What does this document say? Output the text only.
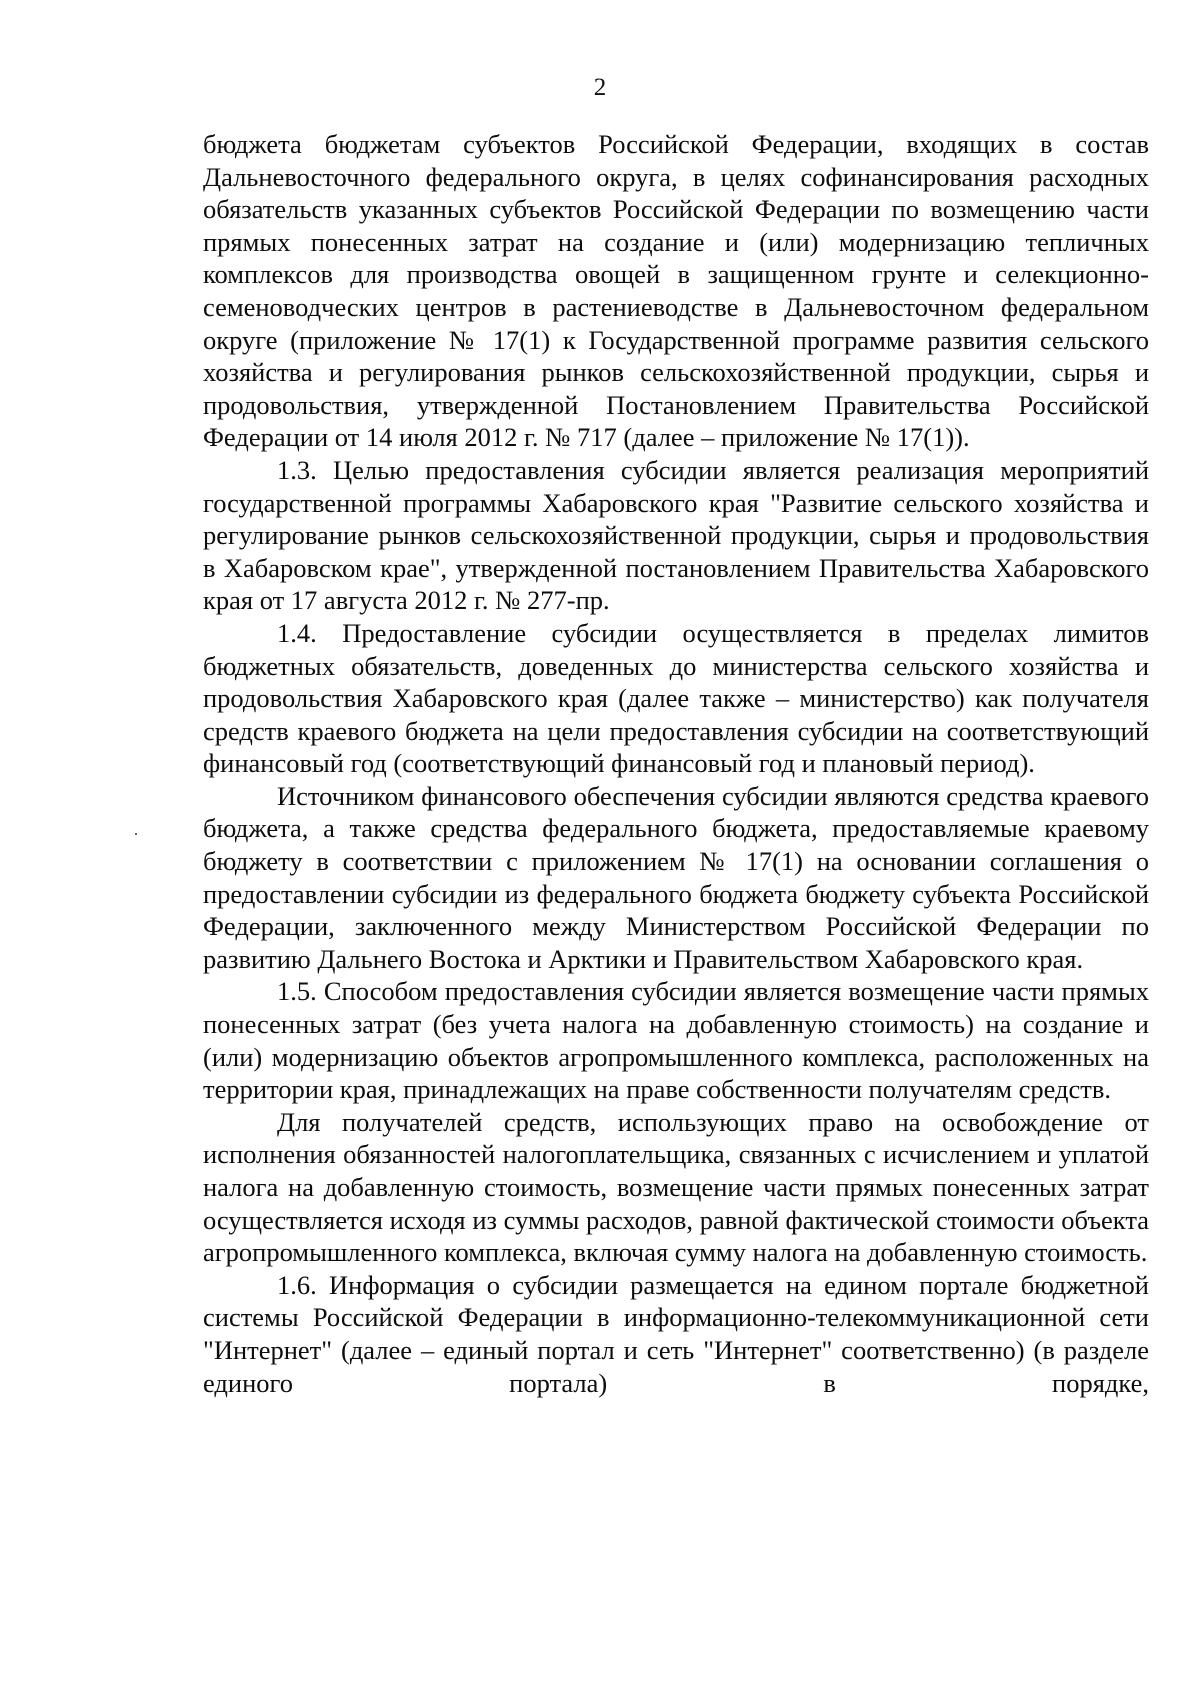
2

бюджета бюджетам субъектов Российской Федерации, входящих в состав Дальневосточного федерального округа, в целях софинансирования расходных обязательств указанных субъектов Российской Федерации по возмещению части прямых понесенных затрат на создание и (или) модернизацию тепличных комплексов для производства овощей в защищенном грунте и селекционно-семеноводческих центров в растениеводстве в Дальневосточном федеральном округе (приложение № 17(1) к Государственной программе развития сельского хозяйства и регулирования рынков сельскохозяйственной продукции, сырья и продовольствия, утвержденной Постановлением Правительства Российской Федерации от 14 июля 2012 г. № 717 (далее – приложение № 17(1)).

1.3. Целью предоставления субсидии является реализация мероприятий государственной программы Хабаровского края "Развитие сельского хозяйства и регулирование рынков сельскохозяйственной продукции, сырья и продовольствия в Хабаровском крае", утвержденной постановлением Правительства Хабаровского края от 17 августа 2012 г. № 277-пр.

1.4. Предоставление субсидии осуществляется в пределах лимитов бюджетных обязательств, доведенных до министерства сельского хозяйства и продовольствия Хабаровского края (далее также – министерство) как получателя средств краевого бюджета на цели предоставления субсидии на соответствующий финансовый год (соответствующий финансовый год и плановый период).

Источником финансового обеспечения субсидии являются средства краевого бюджета, а также средства федерального бюджета, предоставляемые краевому бюджету в соответствии с приложением № 17(1) на основании соглашения о предоставлении субсидии из федерального бюджета бюджету субъекта Российской Федерации, заключенного между Министерством Российской Федерации по развитию Дальнего Востока и Арктики и Правительством Хабаровского края.

1.5. Способом предоставления субсидии является возмещение части прямых понесенных затрат (без учета налога на добавленную стоимость) на создание и (или) модернизацию объектов агропромышленного комплекса, расположенных на территории края, принадлежащих на праве собственности получателям средств.

Для получателей средств, использующих право на освобождение от исполнения обязанностей налогоплательщика, связанных с исчислением и уплатой налога на добавленную стоимость, возмещение части прямых понесенных затрат осуществляется исходя из суммы расходов, равной фактической стоимости объекта агропромышленного комплекса, включая сумму налога на добавленную стоимость.

1.6. Информация о субсидии размещается на едином портале бюджетной системы Российской Федерации в информационно-телекоммуникационной сети "Интернет" (далее – единый портал и сеть "Интернет" соответственно) (в разделе единого портала) в порядке,
